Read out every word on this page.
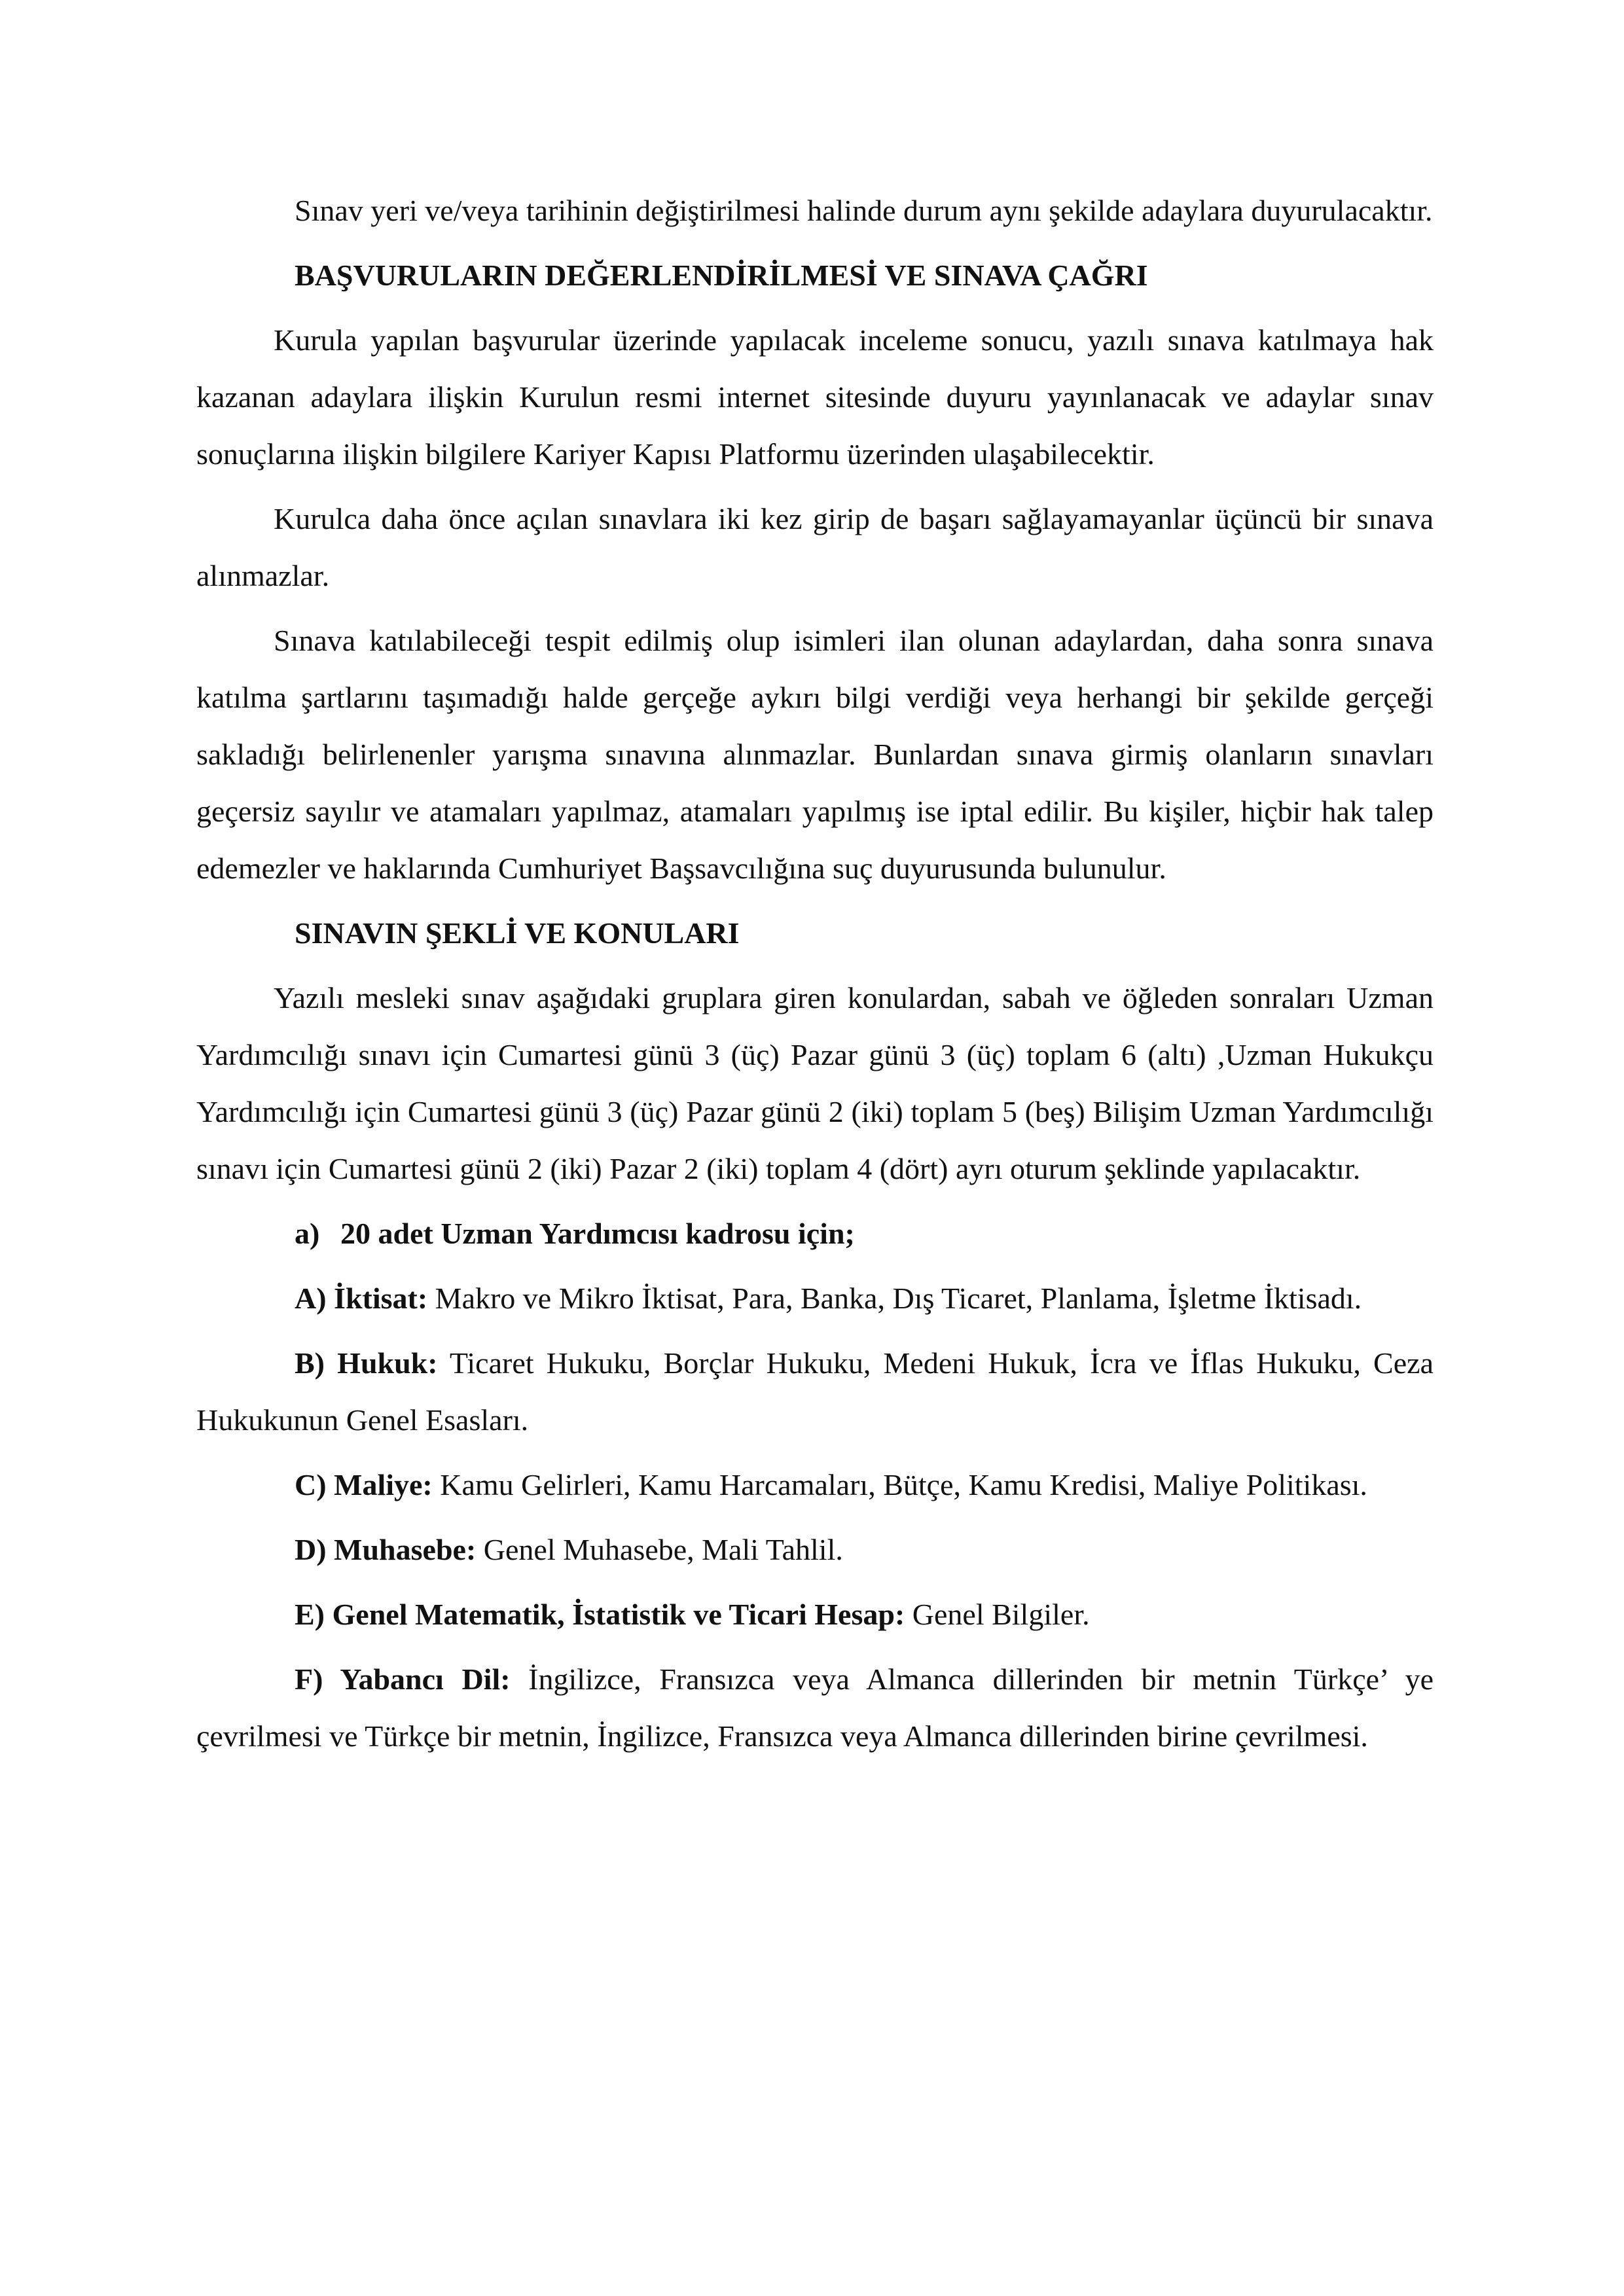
Sınav yeri ve/veya tarihinin değiştirilmesi halinde durum aynı şekilde adaylara duyurulacaktır.

BAŞVURULARIN DEĞERLENDİRİLMESİ VE SINAVA ÇAĞRI

Kurula yapılan başvurular üzerinde yapılacak inceleme sonucu, yazılı sınava katılmaya hak kazanan adaylara ilişkin Kurulun resmi internet sitesinde duyuru yayınlanacak ve adaylar sınav sonuçlarına ilişkin bilgilere Kariyer Kapısı Platformu üzerinden ulaşabilecektir.

Kurulca daha önce açılan sınavlara iki kez girip de başarı sağlayamayanlar üçüncü bir sınava alınmazlar.

Sınava katılabileceği tespit edilmiş olup isimleri ilan olunan adaylardan, daha sonra sınava katılma şartlarını taşımadığı halde gerçeğe aykırı bilgi verdiği veya herhangi bir şekilde gerçeği sakladığı belirlenenler yarışma sınavına alınmazlar. Bunlardan sınava girmiş olanların sınavları geçersiz sayılır ve atamaları yapılmaz, atamaları yapılmış ise iptal edilir. Bu kişiler, hiçbir hak talep edemezler ve haklarında Cumhuriyet Başsavcılığına suç duyurusunda bulunulur.

SINAVIN ŞEKLİ VE KONULARI

Yazılı mesleki sınav aşağıdaki gruplara giren konulardan, sabah ve öğleden sonraları Uzman Yardımcılığı sınavı için Cumartesi günü 3 (üç) Pazar günü 3 (üç) toplam 6 (altı) ,Uzman Hukukçu Yardımcılığı için Cumartesi günü 3 (üç) Pazar günü 2 (iki) toplam 5 (beş) Bilişim Uzman Yardımcılığı sınavı için Cumartesi günü 2 (iki) Pazar 2 (iki) toplam 4 (dört) ayrı oturum şeklinde yapılacaktır.

a) 20 adet Uzman Yardımcısı kadrosu için;

A) İktisat: Makro ve Mikro İktisat, Para, Banka, Dış Ticaret, Planlama, İşletme İktisadı.

B) Hukuk: Ticaret Hukuku, Borçlar Hukuku, Medeni Hukuk, İcra ve İflas Hukuku, Ceza Hukukunun Genel Esasları.

C) Maliye: Kamu Gelirleri, Kamu Harcamaları, Bütçe, Kamu Kredisi, Maliye Politikası.

D) Muhasebe: Genel Muhasebe, Mali Tahlil.

E) Genel Matematik, İstatistik ve Ticari Hesap: Genel Bilgiler.

F) Yabancı Dil: İngilizce, Fransızca veya Almanca dillerinden bir metnin Türkçe’ ye çevrilmesi ve Türkçe bir metnin, İngilizce, Fransızca veya Almanca dillerinden birine çevrilmesi.
